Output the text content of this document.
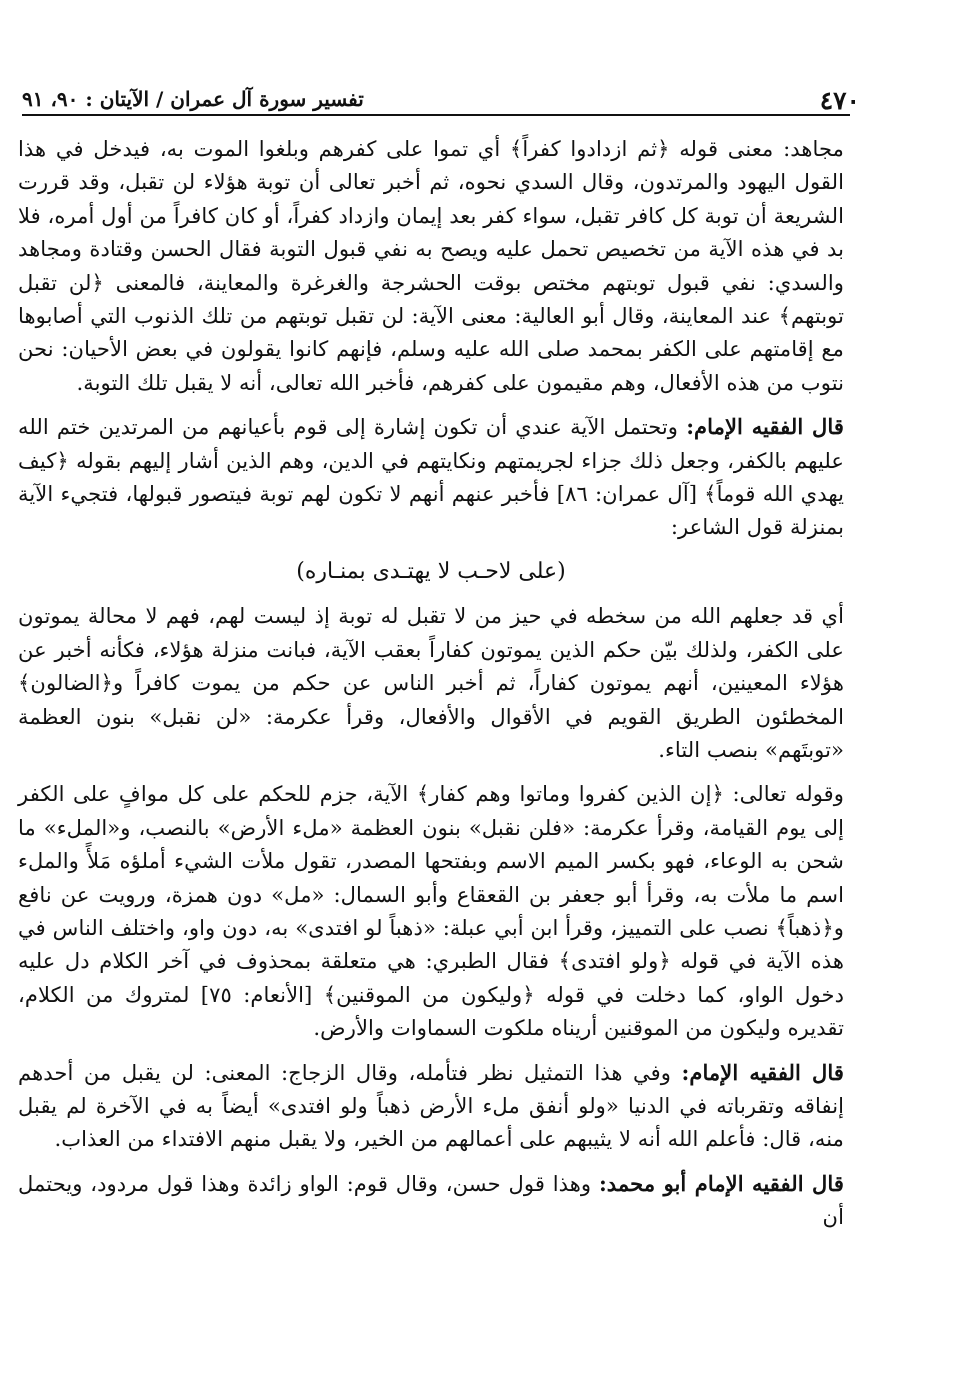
٤٧٠
تفسير سورة آل عمران / الآيتان : ٩٠، ٩١

مجاهد: معنى قوله ﴿ثم ازدادوا كفراً﴾ أي تموا على كفرهم وبلغوا الموت به، فيدخل في هذا القول اليهود والمرتدون، وقال السدي نحوه، ثم أخبر تعالى أن توبة هؤلاء لن تقبل، وقد قررت الشريعة أن توبة كل كافر تقبل، سواء كفر بعد إيمان وازداد كفراً، أو كان كافراً من أول أمره، فلا بد في هذه الآية من تخصيص تحمل عليه ويصح به نفي قبول التوبة فقال الحسن وقتادة ومجاهد والسدي: نفي قبول توبتهم مختص بوقت الحشرجة والغرغرة والمعاينة، فالمعنى ﴿لن تقبل توبتهم﴾ عند المعاينة، وقال أبو العالية: معنى الآية: لن تقبل توبتهم من تلك الذنوب التي أصابوها مع إقامتهم على الكفر بمحمد صلى الله عليه وسلم، فإنهم كانوا يقولون في بعض الأحيان: نحن نتوب من هذه الأفعال، وهم مقيمون على كفرهم، فأخبر الله تعالى، أنه لا يقبل تلك التوبة.

قال الفقيه الإمام: وتحتمل الآية عندي أن تكون إشارة إلى قوم بأعيانهم من المرتدين ختم الله عليهم بالكفر، وجعل ذلك جزاء لجريمتهم ونكايتهم في الدين، وهم الذين أشار إليهم بقوله ﴿كيف يهدي الله قوماً﴾ [آل عمران: ٨٦] فأخبر عنهم أنهم لا تكون لهم توبة فيتصور قبولها، فتجيء الآية بمنزلة قول الشاعر:

(على لاحـب لا يهتـدى بمنـاره)

أي قد جعلهم الله من سخطه في حيز من لا تقبل له توبة إذ ليست لهم، فهم لا محالة يموتون على الكفر، ولذلك بيّن حكم الذين يموتون كفاراً بعقب الآية، فبانت منزلة هؤلاء، فكأنه أخبر عن هؤلاء المعينين، أنهم يموتون كفاراً، ثم أخبر الناس عن حكم من يموت كافراً و﴿الضالون﴾ المخطئون الطريق القويم في الأقوال والأفعال، وقرأ عكرمة: «لن نقبل» بنون العظمة «توبتَهم» بنصب التاء.

وقوله تعالى: ﴿إن الذين كفروا وماتوا وهم كفار﴾ الآية، جزم للحكم على كل موافٍ على الكفر إلى يوم القيامة، وقرأ عكرمة: «فلن نقبل» بنون العظمة «ملء الأرض» بالنصب، و«الملء» ما شحن به الوعاء، فهو بكسر الميم الاسم وبفتحها المصدر، تقول ملأت الشيء أملؤه مَلأً والملء اسم ما ملأت به، وقرأ أبو جعفر بن القعقاع وأبو السمال: «مل» دون همزة، ورويت عن نافع و﴿ذهباً﴾ نصب على التمييز، وقرأ ابن أبي عبلة: «ذهباً لو افتدى» به، دون واو، واختلف الناس في هذه الآية في قوله ﴿ولو افتدى﴾ فقال الطبري: هي متعلقة بمحذوف في آخر الكلام دل عليه دخول الواو، كما دخلت في قوله ﴿وليكون من الموقنين﴾ [الأنعام: ٧٥] لمتروك من الكلام، تقديره وليكون من الموقنين أريناه ملكوت السماوات والأرض.

قال الفقيه الإمام: وفي هذا التمثيل نظر فتأمله، وقال الزجاج: المعنى: لن يقبل من أحدهم إنفاقه وتقرباته في الدنيا «ولو أنفق ملء الأرض ذهباً ولو افتدى» أيضاً به في الآخرة لم يقبل منه، قال: فأعلم الله أنه لا يثيبهم على أعمالهم من الخير، ولا يقبل منهم الافتداء من العذاب.

قال الفقيه الإمام أبو محمد: وهذا قول حسن، وقال قوم: الواو زائدة وهذا قول مردود، ويحتمل أن
